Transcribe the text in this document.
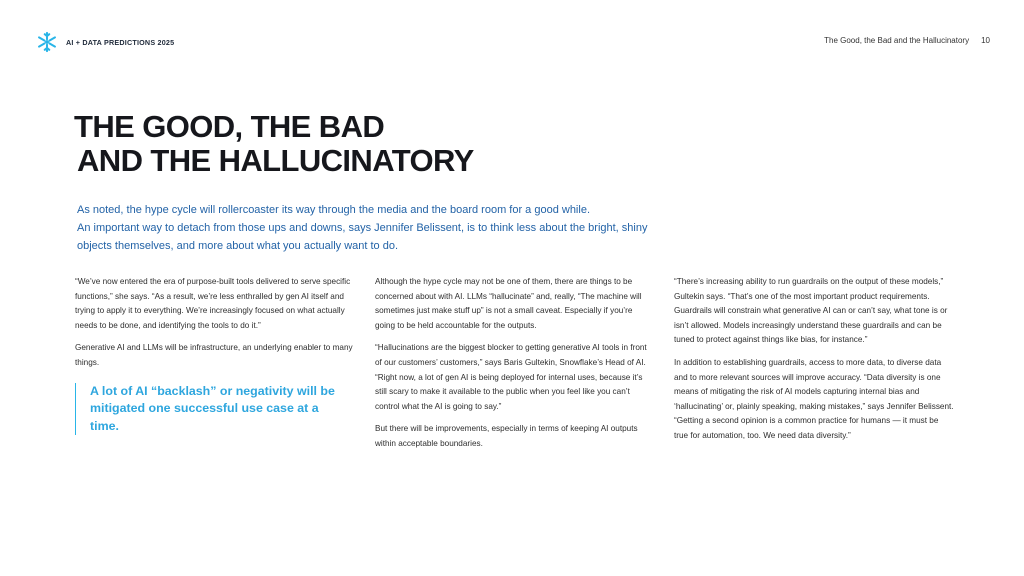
AI + DATA PREDICTIONS 2025	The Good, the Bad and the Hallucinatory 10
THE GOOD, THE BAD
AND THE HALLUCINATORY

As noted, the hype cycle will rollercoaster its way through the media and the board room for a good while.

An important way to detach from those ups and downs, says Jennifer Belissent, is to think less about the bright, shiny objects themselves, and more about what you actually want to do.

“We’ve now entered the era of purpose-built tools delivered to serve specific functions,” she says. “As a result, we’re less enthralled by gen AI itself and trying to apply it to everything. We’re increasingly focused on what actually needs to be done, and identifying the tools to do it.”

Generative AI and LLMs will be infrastructure, an underlying enabler to many things.

A lot of AI “backlash” or negativity will be mitigated one successful use case at a time.

Although the hype cycle may not be one of them, there are things to be concerned about with AI. LLMs “hallucinate” and, really, “The machine will sometimes just make stuff up” is not a small caveat. Especially if you’re going to be held accountable for the outputs.

“Hallucinations are the biggest blocker to getting generative AI tools in front of our customers’ customers,” says Baris Gultekin, Snowflake’s Head of AI. “Right now, a lot of gen AI is being deployed for internal uses, because it’s still scary to make it available to the public when you feel like you can’t control what the AI is going to say.”

But there will be improvements, especially in terms of keeping AI outputs within acceptable boundaries.

“There’s increasing ability to run guardrails on the output of these models,” Gultekin says. “That’s one of the most important product requirements. Guardrails will constrain what generative AI can or can’t say, what tone is or isn’t allowed. Models increasingly understand these guardrails and can be tuned to protect against things like bias, for instance.”

In addition to establishing guardrails, access to more data, to diverse data and to more relevant sources will improve accuracy. “Data diversity is one means of mitigating the risk of AI models capturing internal bias and ‘hallucinating’ or, plainly speaking, making mistakes,” says Jennifer Belissent. “Getting a second opinion is a common practice for humans — it must be true for automation, too. We need data diversity.”
